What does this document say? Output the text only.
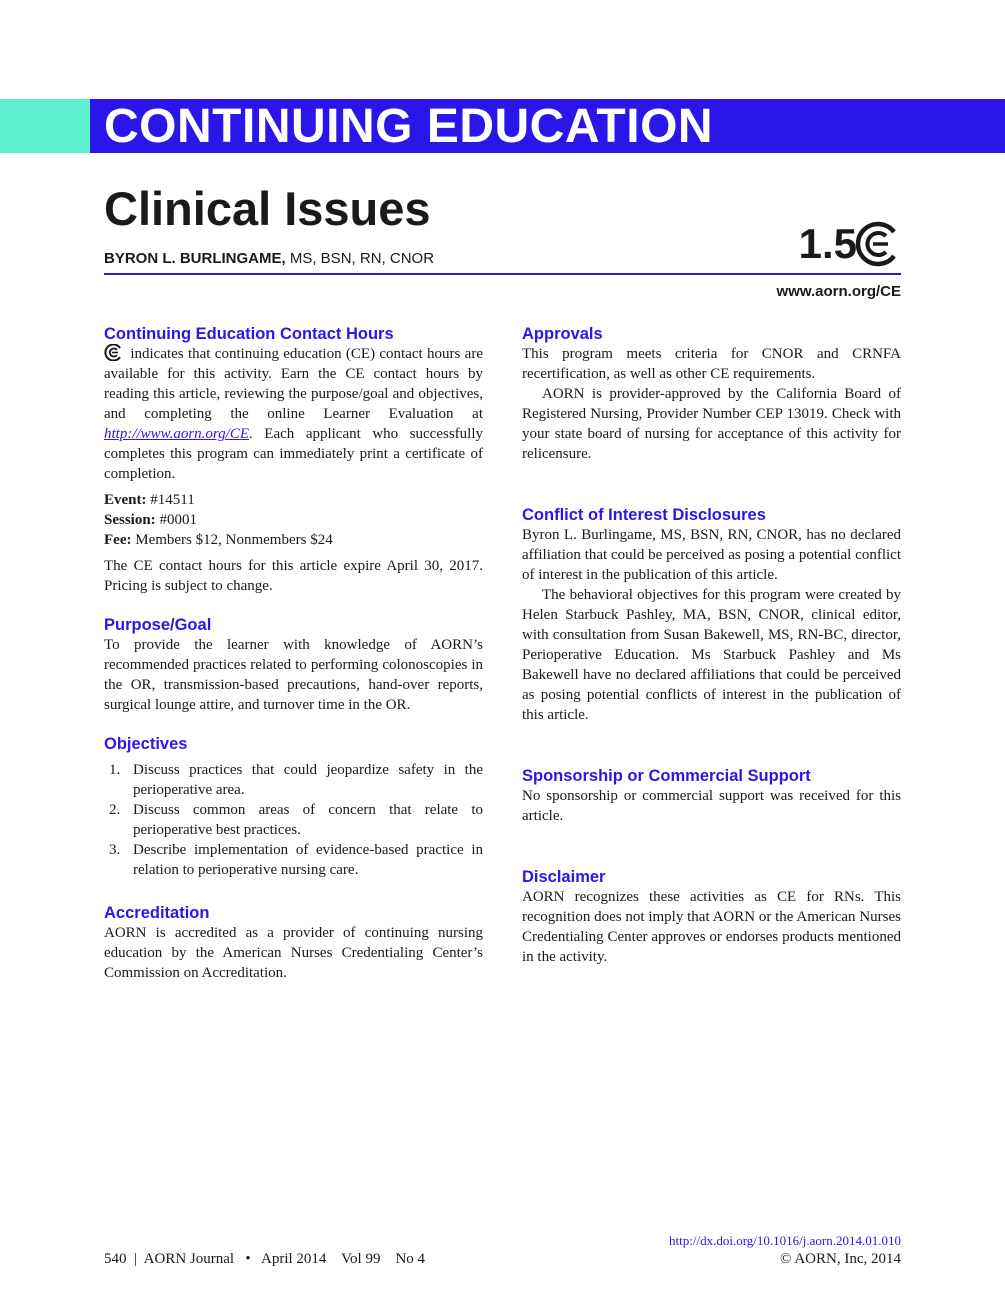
CONTINUING EDUCATION
Clinical Issues
BYRON L. BURLINGAME, MS, BSN, RN, CNOR	1.5
www.aorn.org/CE
Continuing Education Contact Hours

indicates that continuing education (CE) contact hours are available for this activity. Earn the CE contact hours by reading this article, reviewing the purpose/goal and objectives, and completing the online Learner Evaluation at http://www.aorn.org/CE. Each applicant who successfully completes this program can immediately print a certificate of completion.

Event: #14511

Session: #0001

Fee: Members $12, Nonmembers $24

The CE contact hours for this article expire April 30, 2017. Pricing is subject to change.

Purpose/Goal

To provide the learner with knowledge of AORN’s recommended practices related to performing colonoscopies in the OR, transmission-based precautions, hand-over reports, surgical lounge attire, and turnover time in the OR.

Objectives
1. Discuss practices that could jeopardize safety in the perioperative area.
2. Discuss common areas of concern that relate to perioperative best practices.
3. Describe implementation of evidence-based practice in relation to perioperative nursing care.
Accreditation

AORN is accredited as a provider of continuing nursing education by the American Nurses Credentialing Center’s Commission on Accreditation.

Approvals

This program meets criteria for CNOR and CRNFA recertification, as well as other CE requirements.

AORN is provider-approved by the California Board of Registered Nursing, Provider Number CEP 13019. Check with your state board of nursing for acceptance of this activity for relicensure.

Conflict of Interest Disclosures

Byron L. Burlingame, MS, BSN, RN, CNOR, has no declared affiliation that could be perceived as posing a potential conflict of interest in the publication of this article.

The behavioral objectives for this program were created by Helen Starbuck Pashley, MA, BSN, CNOR, clinical editor, with consultation from Susan Bakewell, MS, RN-BC, director, Perioperative Education. Ms Starbuck Pashley and Ms Bakewell have no declared affiliations that could be perceived as posing potential conflicts of interest in the publication of this article.

Sponsorship or Commercial Support

No sponsorship or commercial support was received for this article.

Disclaimer

AORN recognizes these activities as CE for RNs. This recognition does not imply that AORN or the American Nurses Credentialing Center approves or endorses products mentioned in the activity.

http://dx.doi.org/10.1016/j.aorn.2014.01.010
540  |  AORN Journal   •   April 2014    Vol 99    No 4	© AORN, Inc, 2014
